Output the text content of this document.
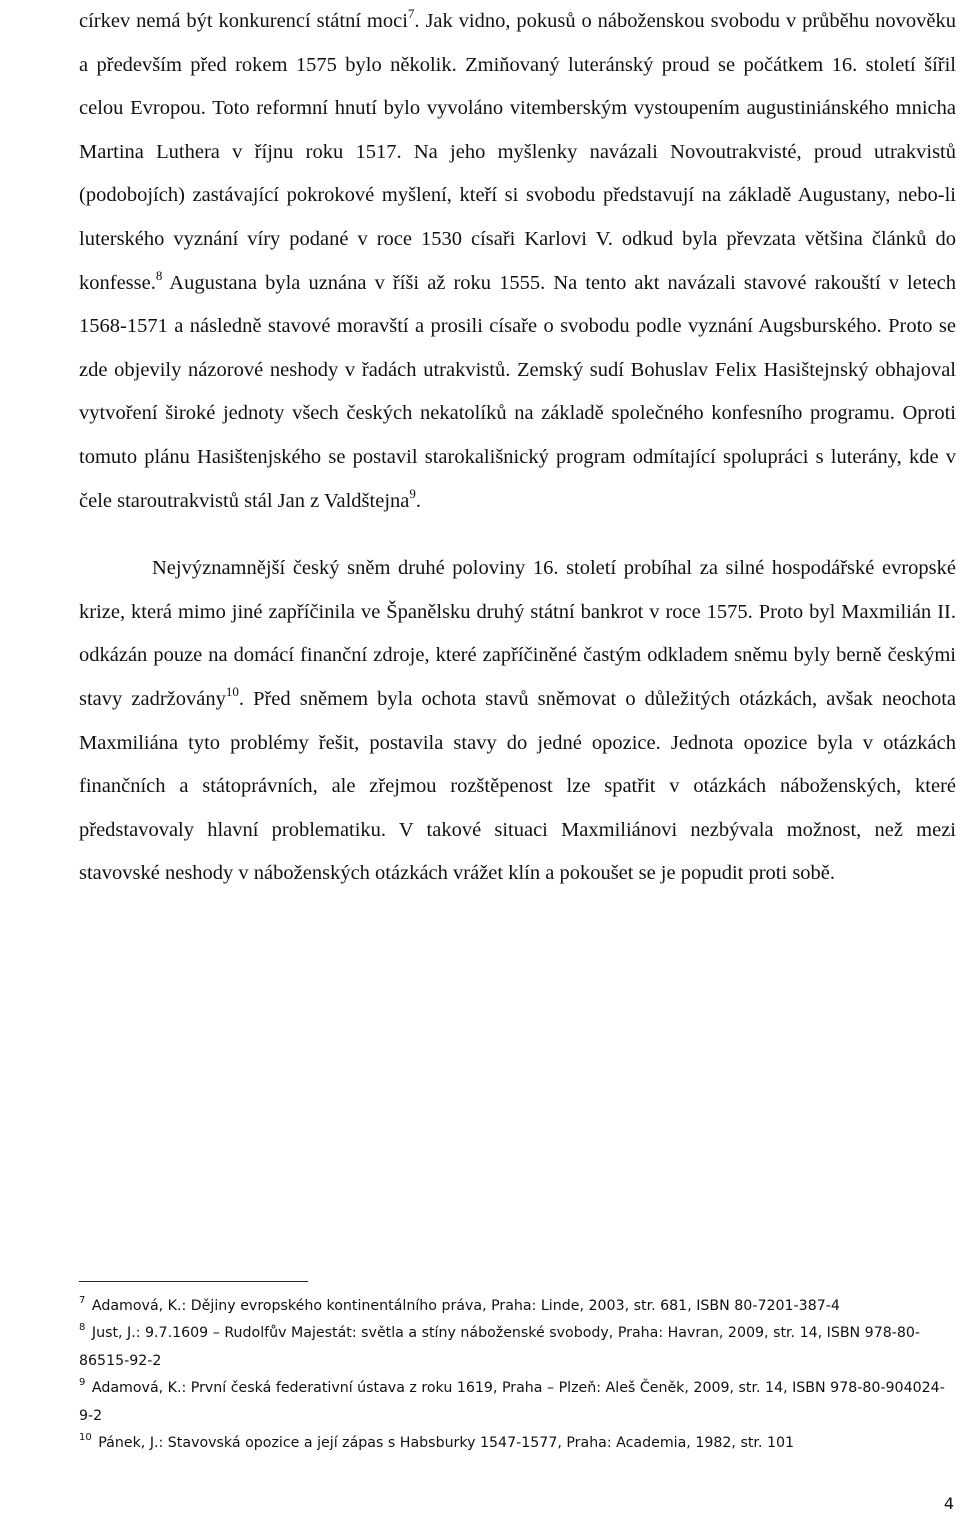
církev nemá být konkurencí státní moci$^7$. Jak vidno, pokusů o náboženskou svobodu v průběhu novověku a především před rokem 1575 bylo několik. Zmiňovaný luteránský proud se počátkem 16. století šířil celou Evropou. Toto reformní hnutí bylo vyvoláno vitemberským vystoupením augustiniánského mnicha Martina Luthera v říjnu roku 1517. Na jeho myšlenky navázali Novoutrakvisté, proud utrakvistů (podobojích) zastávající pokrokové myšlení, kteří si svobodu představují na základě Augustany, nebo-li luterského vyznání víry podané v roce 1530 císaři Karlovi V. odkud byla převzata většina článků do konfesse.$^8$ Augustana byla uznána v říši až roku 1555. Na tento akt navázali stavové rakouští v letech 1568-1571 a následně stavové moravští a prosili císaře o svobodu podle vyznání Augsburského. Proto se zde objevily názorové neshody v řadách utrakvistů. Zemský sudí Bohuslav Felix Hasištejnský obhajoval vytvoření široké jednoty všech českých nekatolíků na základě společného konfesního programu. Oproti tomuto plánu Hasištenjského se postavil starokališnický program odmítající spolupráci s luterány, kde v čele staroutrakvistů stál Jan z Valdštejna$^9$.

Nejvýznamnější český sněm druhé poloviny 16. století probíhal za silné hospodářské evropské krize, která mimo jiné zapříčinila ve Španělsku druhý státní bankrot v roce 1575. Proto byl Maxmilián II. odkázán pouze na domácí finanční zdroje, které zapříčiněné častým odkladem sněmu byly berně českými stavy zadržovány$^{10}$. Před sněmem byla ochota stavů sněmovat o důležitých otázkách, avšak neochota Maxmiliána tyto problémy řešit, postavila stavy do jedné opozice. Jednota opozice byla v otázkách finančních a státoprávních, ale zřejmou rozštěpenost lze spatřit v otázkách náboženských, které představovaly hlavní problematiku. V takové situaci Maxmiliánovi nezbývala možnost, než mezi stavovské neshody v náboženských otázkách vrážet klín a pokoušet se je popudit proti sobě.

$^7$ Adamová, K.: Dějiny evropského kontinentálního práva, Praha: Linde, 2003, str. 681, ISBN 80-7201-387-4

$^8$ Just, J.: 9.7.1609 – Rudolfův Majestát: světla a stíny náboženské svobody, Praha: Havran, 2009, str. 14, ISBN 978-80-86515-92-2

$^9$ Adamová, K.: První česká federativní ústava z roku 1619, Praha – Plzeň: Aleš Čeněk, 2009, str. 14, ISBN 978-80-904024-9-2

$^{10}$ Pánek, J.: Stavovská opozice a její zápas s Habsburky 1547-1577, Praha: Academia, 1982, str. 101

4
